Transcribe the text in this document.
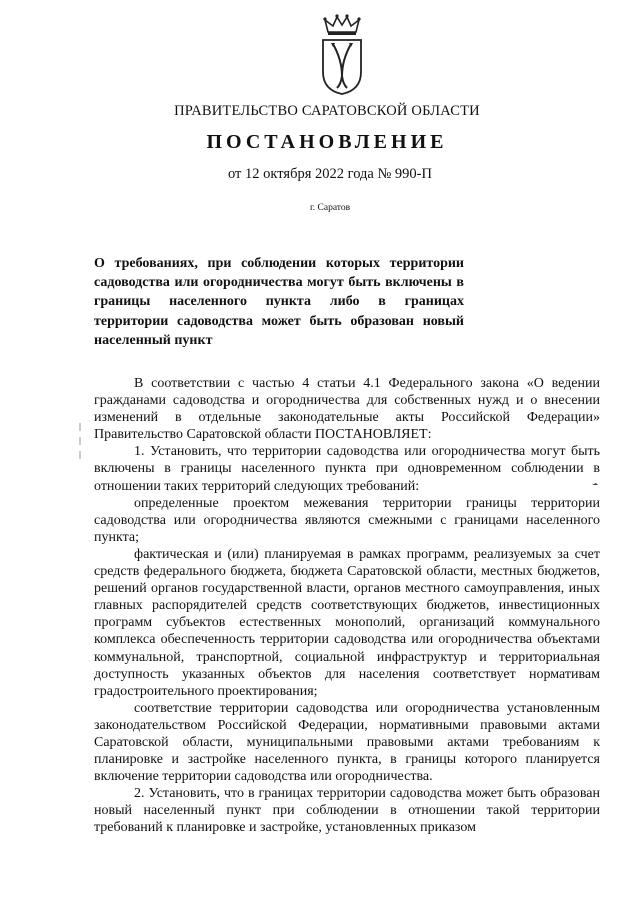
ПРАВИТЕЛЬСТВО САРАТОВСКОЙ ОБЛАСТИ
ПОСТАНОВЛЕНИЕ
от 12 октября 2022 года № 990-П
г. Саратов
О требованиях, при соблюдении которых территории садоводства или огородничества могут быть включены в границы населенного пункта либо в границах территории садоводства может быть образован новый населенный пункт

В соответствии с частью 4 статьи 4.1 Федерального закона «О ведении гражданами садоводства и огородничества для собственных нужд и о внесении изменений в отдельные законодательные акты Российской Федерации» Правительство Саратовской области ПОСТАНОВЛЯЕТ:

1. Установить, что территории садоводства или огородничества могут быть включены в границы населенного пункта при одновременном соблюдении в отношении таких территорий следующих требований:

определенные проектом межевания территории границы территории садоводства или огородничества являются смежными с границами населенного пункта;

фактическая и (или) планируемая в рамках программ, реализуемых за счет средств федерального бюджета, бюджета Саратовской области, местных бюджетов, решений органов государственной власти, органов местного самоуправления, иных главных распорядителей средств соответствующих бюджетов, инвестиционных программ субъектов естественных монополий, организаций коммунального комплекса обеспеченность территории садоводства или огородничества объектами коммунальной, транспортной, социальной инфраструктур и территориальная доступность указанных объектов для населения соответствует нормативам градостроительного проектирования;

соответствие территории садоводства или огородничества установленным законодательством Российской Федерации, нормативными правовыми актами Саратовской области, муниципальными правовыми актами требованиям к планировке и застройке населенного пункта, в границы которого планируется включение территории садоводства или огородничества.

2. Установить, что в границах территории садоводства может быть образован новый населенный пункт при соблюдении в отношении такой территории требований к планировке и застройке, установленных приказом
